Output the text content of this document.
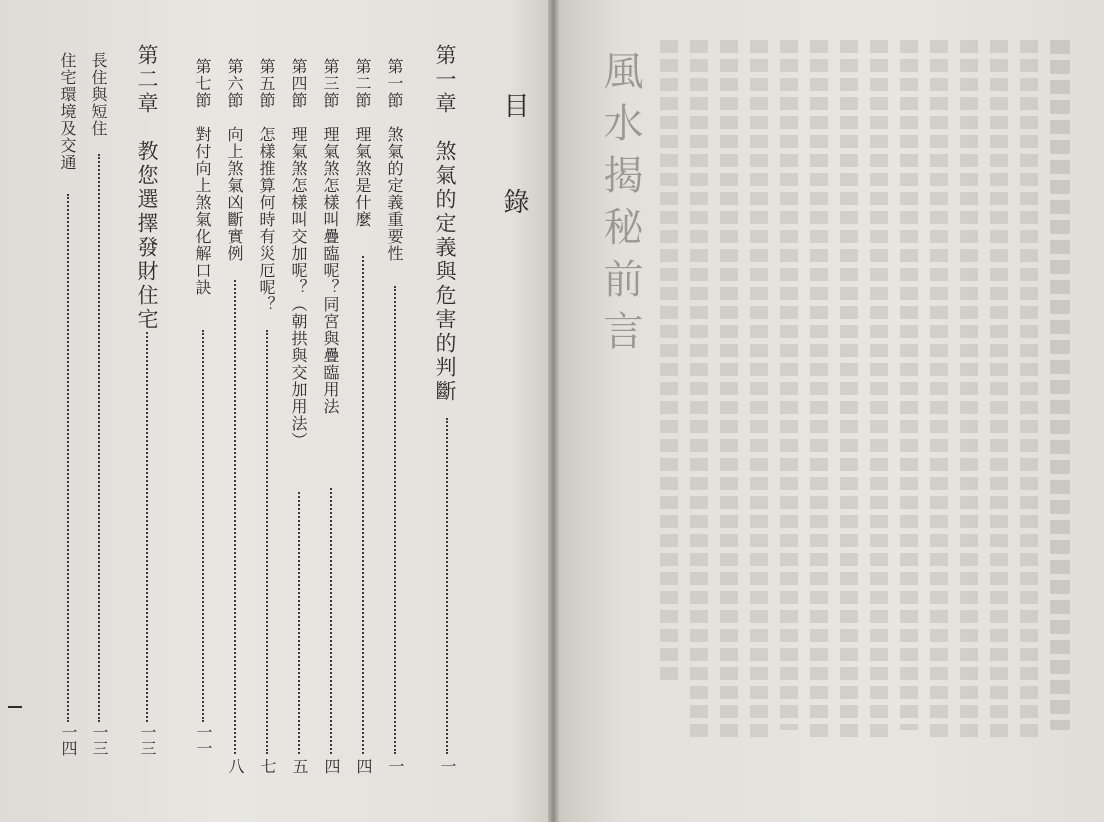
目　錄
第一章　煞氣的定義與危害的判斷
一
第一節　煞氣的定義重要性
一
第二節　理氣煞是什麼
四
第三節　理氣煞怎樣叫疊臨呢？同宮與疊臨用法
四
第四節　理氣煞怎樣叫交加呢？（朝拱與交加用法）
五
第五節　怎樣推算何時有災厄呢？
七
第六節　向上煞氣凶斷實例
八
第七節　對付向上煞氣化解口訣
一一
第二章　教您選擇發財住宅
一三
長住與短住
一三
住宅環境及交通
一四
風水揭秘前言
